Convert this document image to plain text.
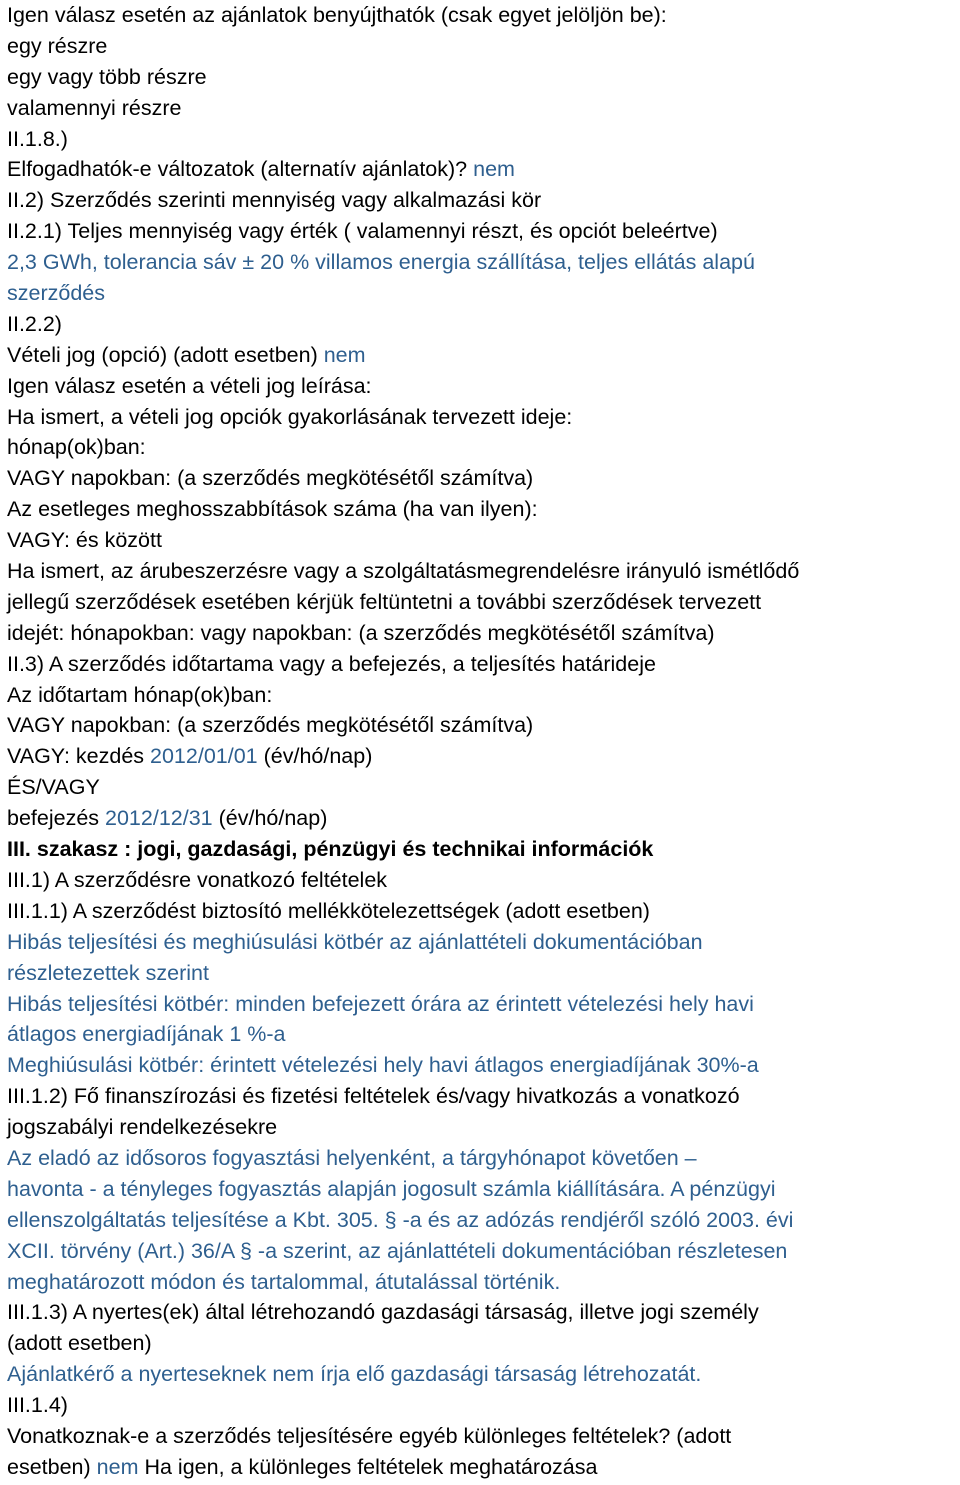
Igen válasz esetén az ajánlatok benyújthatók (csak egyet jelöljön be):
egy részre
egy vagy több részre
valamennyi részre
II.1.8.)
Elfogadhatók-e változatok (alternatív ajánlatok)? nem
II.2) Szerződés szerinti mennyiség vagy alkalmazási kör
II.2.1) Teljes mennyiség vagy érték ( valamennyi részt, és opciót beleértve)
2,3 GWh, tolerancia sáv ± 20 % villamos energia szállítása, teljes ellátás alapú
szerződés
II.2.2)
Vételi jog (opció) (adott esetben) nem
Igen válasz esetén a vételi jog leírása:
Ha ismert, a vételi jog opciók gyakorlásának tervezett ideje:
hónap(ok)ban:
VAGY napokban: (a szerződés megkötésétől számítva)
Az esetleges meghosszabbítások száma (ha van ilyen):
VAGY: és között
Ha ismert, az árubeszerzésre vagy a szolgáltatásmegrendelésre irányuló ismétlődő
jellegű szerződések esetében kérjük feltüntetni a további szerződések tervezett
idejét: hónapokban: vagy napokban: (a szerződés megkötésétől számítva)
II.3) A szerződés időtartama vagy a befejezés, a teljesítés határideje
Az időtartam hónap(ok)ban:
VAGY napokban: (a szerződés megkötésétől számítva)
VAGY: kezdés 2012/01/01 (év/hó/nap)
ÉS/VAGY
befejezés 2012/12/31 (év/hó/nap)
III. szakasz : jogi, gazdasági, pénzügyi és technikai információk
III.1) A szerződésre vonatkozó feltételek
III.1.1) A szerződést biztosító mellékkötelezettségek (adott esetben)
Hibás teljesítési és meghiúsulási kötbér az ajánlattételi dokumentációban
részletezettek szerint
Hibás teljesítési kötbér: minden befejezett órára az érintett vételezési hely havi
átlagos energiadíjának 1 %-a
Meghiúsulási kötbér: érintett vételezési hely havi átlagos energiadíjának 30%-a
III.1.2) Fő finanszírozási és fizetési feltételek és/vagy hivatkozás a vonatkozó
jogszabályi rendelkezésekre
Az eladó az idősoros fogyasztási helyenként, a tárgyhónapot követően –
havonta - a tényleges fogyasztás alapján jogosult számla kiállítására. A pénzügyi
ellenszolgáltatás teljesítése a Kbt. 305. § -a és az adózás rendjéről szóló 2003. évi
XCII. törvény (Art.) 36/A § -a szerint, az ajánlattételi dokumentációban részletesen
meghatározott módon és tartalommal, átutalással történik.
III.1.3) A nyertes(ek) által létrehozandó gazdasági társaság, illetve jogi személy
(adott esetben)
Ajánlatkérő a nyerteseknek nem írja elő gazdasági társaság létrehozatát.
III.1.4)
Vonatkoznak-e a szerződés teljesítésére egyéb különleges feltételek? (adott
esetben) nem Ha igen, a különleges feltételek meghatározása
